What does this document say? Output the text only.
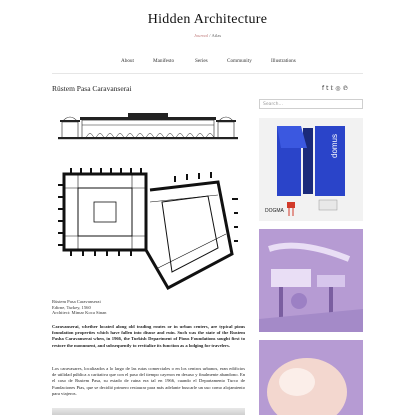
Hidden Architecture
Journal / Atlas
About	Manifesto	Series	Community	Illustrations
Rüstem Pasa Caravanserai	f t 𝕥 ◎ ℗
Rüstem Pasa Caravanserai
Edirne, Turkey, 1560
Architect: Mimar Koca Sinan
Caravanserai, whether located along old trading routes or in urban centers, are typical pious foundation properties which have fallen into disuse and ruin. Such was the state of the Rustem Pasha Caravanserai when, in 1966, the Turkish Department of Pious Foundations sought first to restore the monument, and subsequently to revitalize its function as a lodging for travelers.
Los caravasares, localizados a lo largo de las rutas comerciales o en los centros urbanos, eran edificios de utilidad pública a caritativa que con el paso del tiempo cayeron en desuso y finalmente abandono. En el caso de Rustem Pasa, su estado de ruina era tal en 1966, cuando el Departamento Turco de Fundaciones Pias, que se decidió primero restaurar para más adelante buscarle un uso como alojamiento para viajeros.
Search…
domus
DOGMA
